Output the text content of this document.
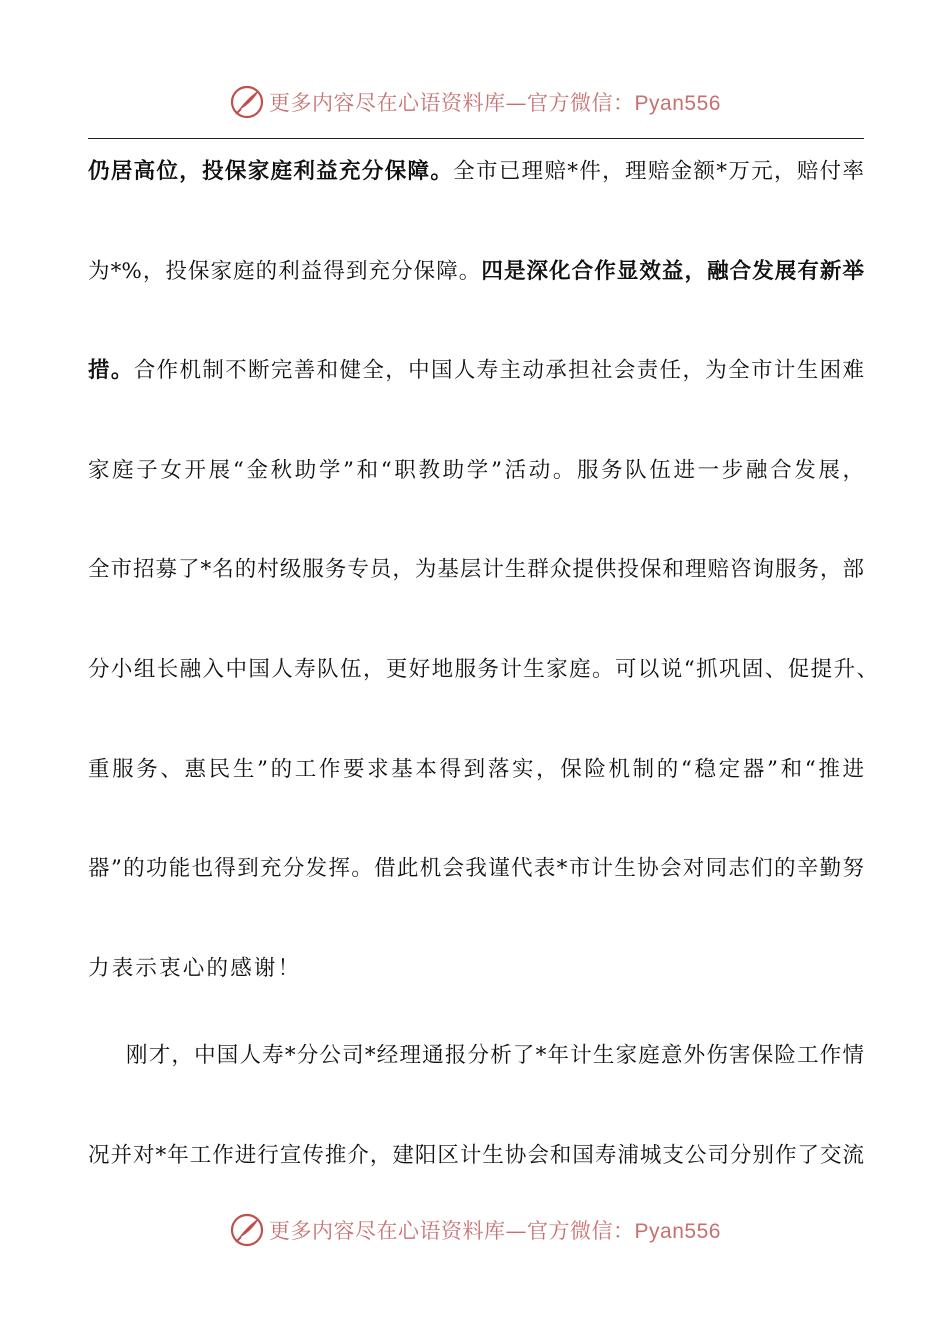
更多内容尽在心语资料库—官方微信：Pyan556
仍居高位，投保家庭利益充分保障。全市已理赔*件，理赔金额*万元，赔付率
为*%，投保家庭的利益得到充分保障。四是深化合作显效益，融合发展有新举
措。合作机制不断完善和健全，中国人寿主动承担社会责任，为全市计生困难
家庭子女开展“金秋助学”和“职教助学”活动。服务队伍进一步融合发展，
全市招募了*名的村级服务专员，为基层计生群众提供投保和理赔咨询服务，部
分小组长融入中国人寿队伍，更好地服务计生家庭。可以说“抓巩固、促提升、
重服务、惠民生”的工作要求基本得到落实，保险机制的“稳定器”和“推进
器”的功能也得到充分发挥。借此机会我谨代表*市计生协会对同志们的辛勤努
力表示衷心的感谢！
刚才，中国人寿*分公司*经理通报分析了*年计生家庭意外伤害保险工作情
况并对*年工作进行宣传推介，建阳区计生协会和国寿浦城支公司分别作了交流
更多内容尽在心语资料库—官方微信：Pyan556
